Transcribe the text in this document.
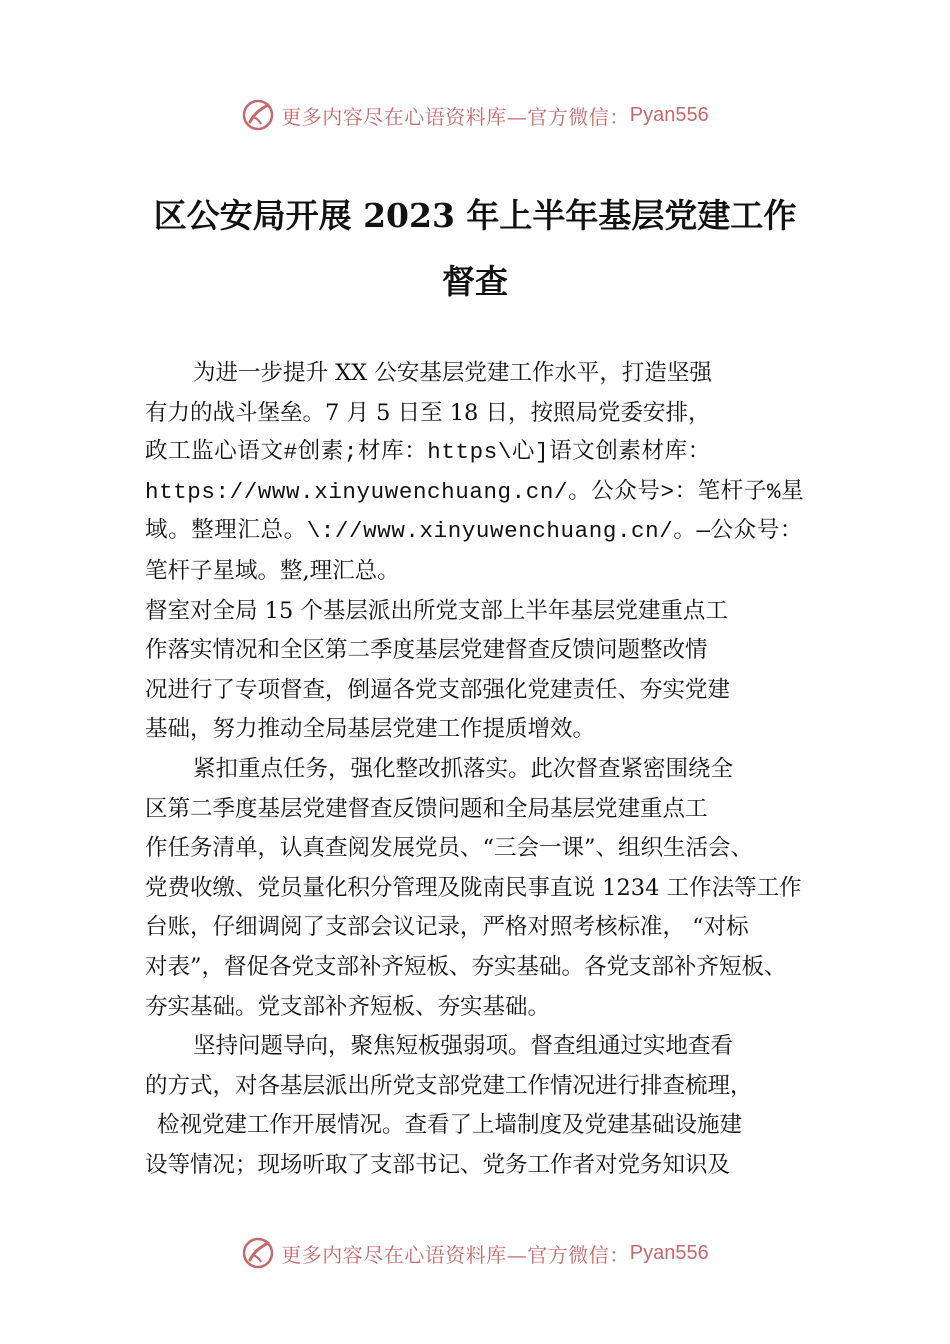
更多内容尽在心语资料库—官方微信： Pyan556
区公安局开展 2023 年上半年基层党建工作
督查
为进一步提升 XX 公安基层党建工作水平，打造坚强
有力的战斗堡垒。7 月 5 日至 18 日，按照局党委安排，
政工监心语文#创素;材库：https\心]语文创素材库：
https://www.xinyuwenchuang.cn/。公众号>：笔杆子%星
域。整理汇总。\://www.xinyuwenchuang.cn/。—公众号：
笔杆子星域。整,理汇总。
督室对全局 15 个基层派出所党支部上半年基层党建重点工
作落实情况和全区第二季度基层党建督查反馈问题整改情
况进行了专项督查，倒逼各党支部强化党建责任、夯实党建
基础，努力推动全局基层党建工作提质增效。
紧扣重点任务，强化整改抓落实。此次督查紧密围绕全
区第二季度基层党建督查反馈问题和全局基层党建重点工
作任务清单，认真查阅发展党员、“三会一课”、组织生活会、
党费收缴、党员量化积分管理及陇南民事直说 1234 工作法等工作
台账，仔细调阅了支部会议记录，严格对照考核标准， “对标
对表”，督促各党支部补齐短板、夯实基础。各党支部补齐短板、
夯实基础。党支部补齐短板、夯实基础。
坚持问题导向，聚焦短板强弱项。督查组通过实地查看
的方式，对各基层派出所党支部党建工作情况进行排查梳理，
检视党建工作开展情况。查看了上墙制度及党建基础设施建
设等情况；现场听取了支部书记、党务工作者对党务知识及
更多内容尽在心语资料库—官方微信： Pyan556
